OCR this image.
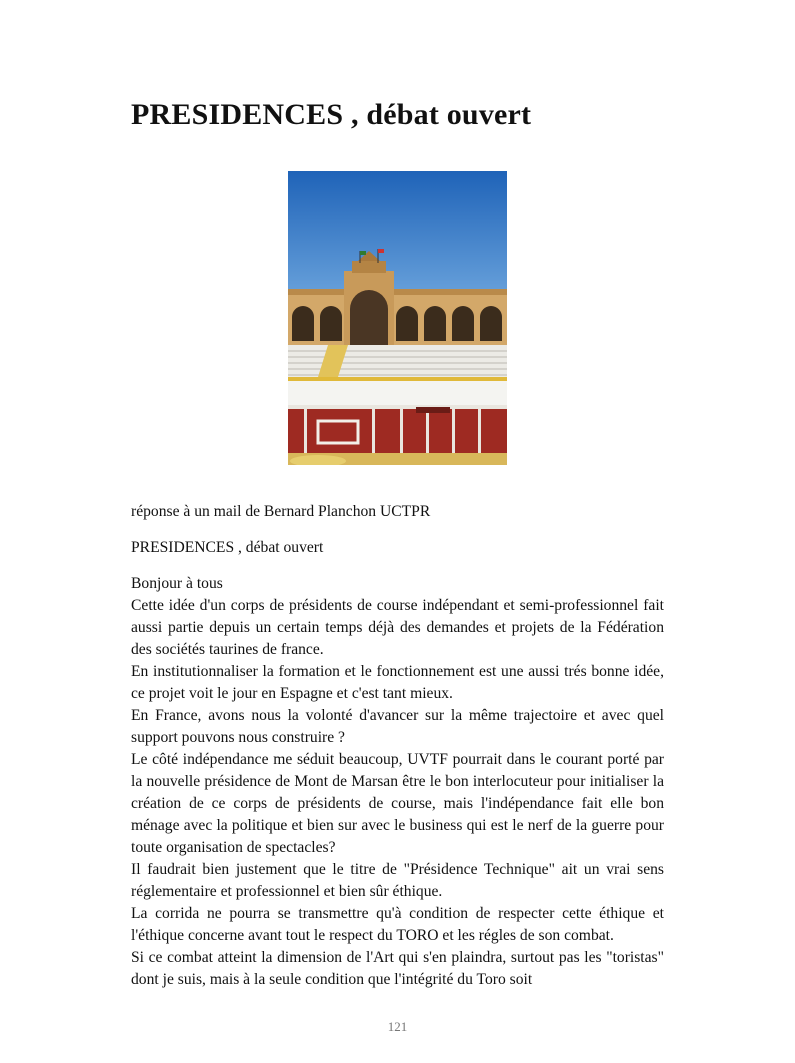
PRESIDENCES , débat ouvert

réponse à un mail de Bernard Planchon UCTPR

PRESIDENCES , débat ouvert

Bonjour à tous

Cette idée d'un corps de présidents de course indépendant et semi-professionnel fait aussi partie depuis un certain temps déjà des demandes et projets de la Fédération des sociétés taurines de france.

En institutionnaliser la formation et le fonctionnement est une aussi trés bonne idée, ce projet voit le jour en Espagne et c'est tant mieux.

En France, avons nous la volonté d'avancer sur la même trajectoire et avec quel support pouvons nous construire ?

Le côté indépendance me séduit beaucoup, UVTF pourrait dans le courant porté par la nouvelle présidence de Mont de Marsan être le bon interlocuteur pour initialiser la création de ce corps de présidents de course, mais l'indépendance fait elle bon ménage avec la politique et bien sur avec le business qui est le nerf de la guerre pour toute organisation de spectacles?

Il faudrait bien justement que le titre de "Présidence Technique" ait un vrai sens réglementaire et professionnel et bien sûr éthique.

La corrida ne pourra se transmettre qu'à condition de respecter cette éthique et l'éthique concerne avant tout le respect du TORO et les régles de son combat.

Si ce combat atteint la dimension de l'Art qui s'en plaindra, surtout pas les "toristas" dont je suis, mais à la seule condition que l'intégrité du Toro soit

121
